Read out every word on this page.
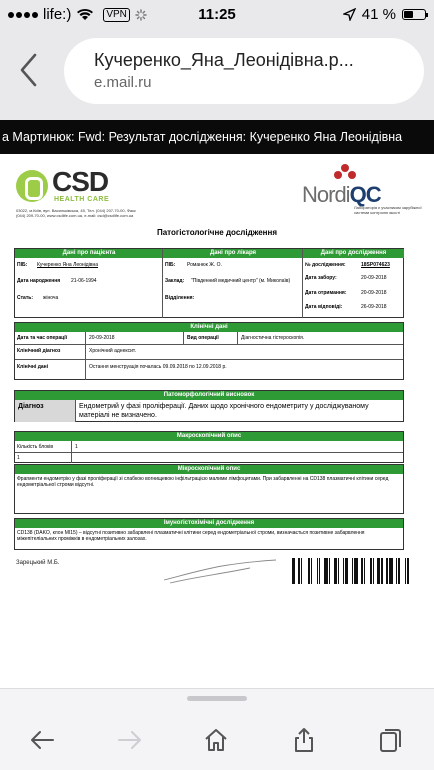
life:)	VPN	11:25	41 %
Кучеренко_Яна_Леонідівна.р...
e.mail.ru
a Мартинюк: Fwd: Результат дослідження: Кучеренко Яна Леонідівна
CSD
HEALTH CARE
03022, м.Київ, вул. Васильківська, 45, Тел. (044) 207-70-00, Факс (044) 209-70-00, www.csdlife.com.ua, e-mail: csd@csdlife.com.ua
NordiQC
Лабораторія є учасником зарубіжної системи контролю якості
Патогістологічне дослідження
Дані про пацієнта	Дані про лікаря	Дані про дослідження
ПІБ: Кучеренко Яна Леонідівна
Дата народження 21-06-1994
Стать: жіноча
ПІБ: Романюк Ж. О.
Заклад: "Південний медичний центр" (м. Миколаїв)
Відділення:
№ дослідження:	18SP074623
Дата забору:	20-09-2018
Дата отримання:	20-09-2018
Дата відповіді:	26-09-2018
Клінічні дані
Дата та час операції	20-09-2018	Вид операції	Діагностична гістероскопія.
Клінічний діагноз	Хронічний аднексит.
Клінічні дані	Остання менструація почалась 09.09.2018 по 12.09.2018 р.
Патоморфологічний висновок
Діагноз	Ендометрий у фазі проліферації. Даних щодо хронічного ендометриту у досліджуваному матеріалі не визначено.
Макроскопічний опис
Кількість блоків	1
1
Мікроскопічний опис
Фрагменти ендометрію у фазі проліферації зі слабкою вогнищевою інфільтрацією малими лімфоцитами. При забарвленні на CD138 плазматичні клітини серед ендометріальної строми відсутні.
Імуногістохімічні дослідження
CD138 (DAKO, клон MI15) – відсутні позитивно забарвлені плазматичні клітини серед ендометріальної строми, визначається позитивне забарвлення міжепітеліальних проміжків в ендометріальних залозах.
Зарецький М.Б.
